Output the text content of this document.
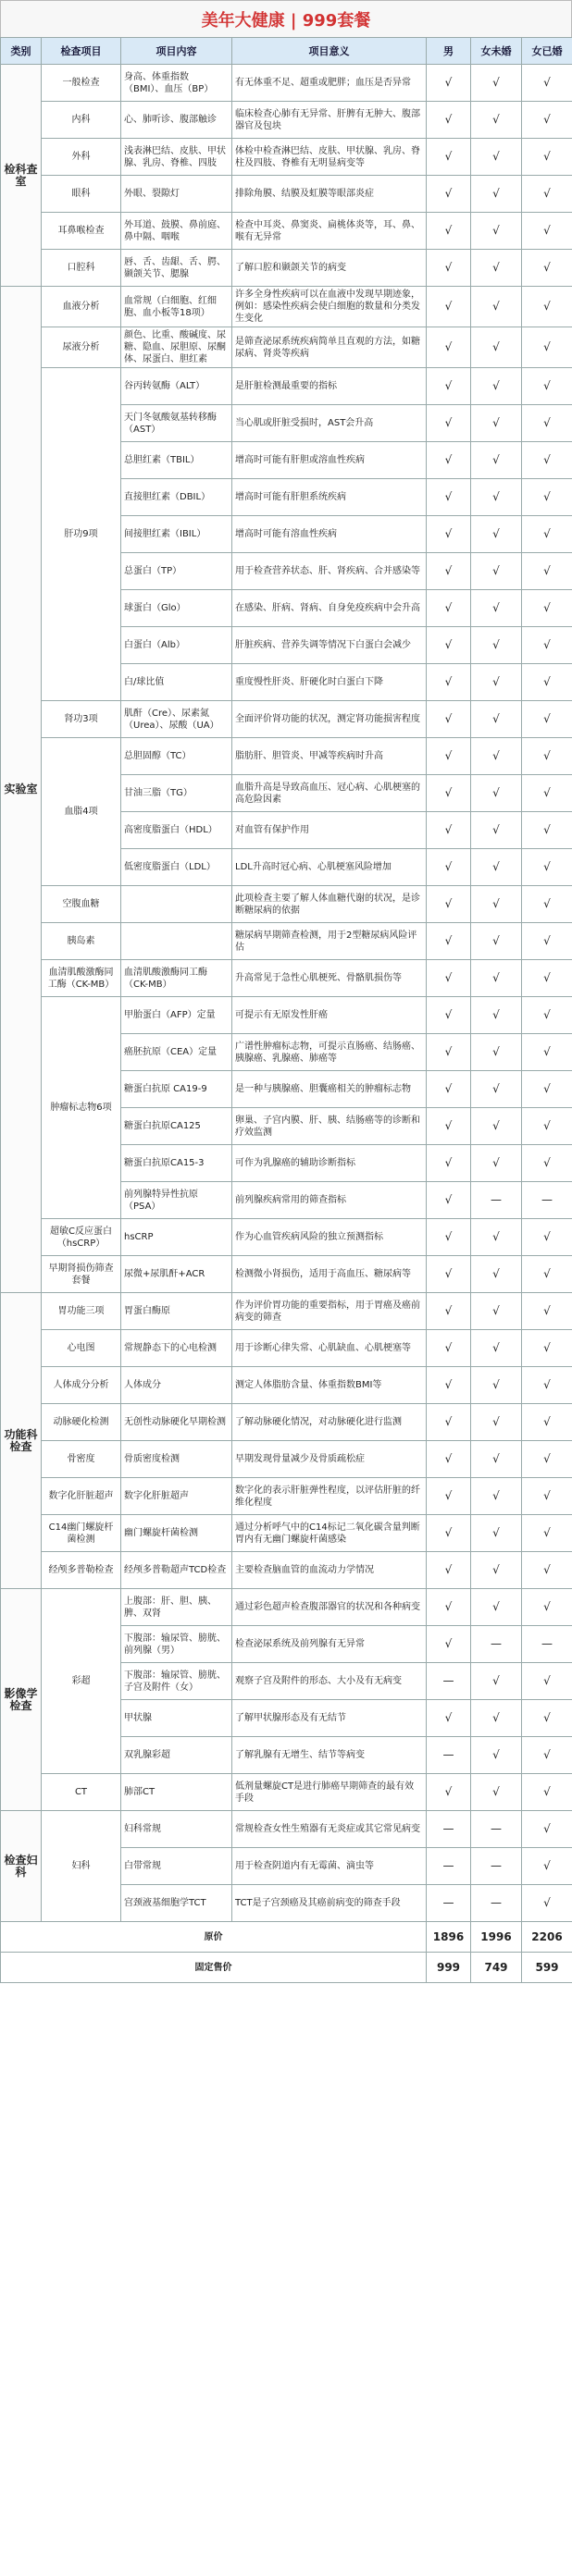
美年大健康 | 999套餐
类别	检查项目	项目内容	项目意义	男	女未婚	女已婚
检科查室	一般检查	身高、体重指数（BMI）、血压（BP）	有无体重不足、超重或肥胖；血压是否异常	√	√	√
	内科	心、肺听诊、腹部触诊	临床检查心肺有无异常、肝脾有无肿大、腹部器官及包块	√	√	√
	外科	浅表淋巴结、皮肤、甲状腺、乳房、脊椎、四肢	体检中检查淋巴结、皮肤、甲状腺、乳房、脊柱及四肢、脊椎有无明显病变等	√	√	√
	眼科	外眼、裂隙灯	排除角膜、结膜及虹膜等眼部炎症	√	√	√
	耳鼻喉检查	外耳道、鼓膜、鼻前庭、鼻中隔、咽喉	检查中耳炎、鼻窦炎、扁桃体炎等，耳、鼻、喉有无异常	√	√	√
	口腔科	唇、舌、齿龈、舌、腭、颞颌关节、腮腺	了解口腔和颞颌关节的病变	√	√	√
实验室	血液分析	血常规（白细胞、红细胞、血小板等18项）	许多全身性疾病可以在血液中发现早期迹象，例如：感染性疾病会使白细胞的数量和分类发生变化	√	√	√
	尿液分析	颜色、比重、酸碱度、尿糖、隐血、尿胆原、尿酮体、尿蛋白、胆红素	是筛查泌尿系统疾病简单且直观的方法，如糖尿病、肾炎等疾病	√	√	√
	肝功9项	谷丙转氨酶（ALT）	是肝脏检测最重要的指标	√	√	√
		天门冬氨酸氨基转移酶（AST）	当心肌或肝脏受损时，AST会升高	√	√	√
		总胆红素（TBIL）	增高时可能有肝胆或溶血性疾病	√	√	√
		直接胆红素（DBIL）	增高时可能有肝胆系统疾病	√	√	√
		间接胆红素（IBIL）	增高时可能有溶血性疾病	√	√	√
		总蛋白（TP）	用于检查营养状态、肝、肾疾病、合并感染等	√	√	√
		球蛋白（Glo）	在感染、肝病、肾病、自身免疫疾病中会升高	√	√	√
		白蛋白（Alb）	肝脏疾病、营养失调等情况下白蛋白会减少	√	√	√
		白/球比值	重度慢性肝炎、肝硬化时白蛋白下降	√	√	√
	肾功3项	肌酐（Cre）、尿素氮（Urea）、尿酸（UA）	全面评价肾功能的状况，测定肾功能损害程度	√	√	√
	血脂4项	总胆固醇（TC）	脂肪肝、胆管炎、甲减等疾病时升高	√	√	√
		甘油三脂（TG）	血脂升高是导致高血压、冠心病、心肌梗塞的高危险因素	√	√	√
		高密度脂蛋白（HDL）	对血管有保护作用	√	√	√
		低密度脂蛋白（LDL）	LDL升高时冠心病、心肌梗塞风险增加	√	√	√
	空腹血糖		此项检查主要了解人体血糖代谢的状况，是诊断糖尿病的依据	√	√	√
	胰岛素		糖尿病早期筛查检测，用于2型糖尿病风险评估	√	√	√
	血清肌酸激酶同工酶（CK-MB）	血清肌酸激酶同工酶（CK-MB）	升高常见于急性心肌梗死、骨骼肌损伤等	√	√	√
	肿瘤标志物6项	甲胎蛋白（AFP）定量	可提示有无原发性肝癌	√	√	√
		癌胚抗原（CEA）定量	广谱性肿瘤标志物，可提示直肠癌、结肠癌、胰腺癌、乳腺癌、肺癌等	√	√	√
		糖蛋白抗原 CA19-9	是一种与胰腺癌、胆囊癌相关的肿瘤标志物	√	√	√
		糖蛋白抗原CA125	卵巢、子宫内膜、肝、胰、结肠癌等的诊断和疗效监测	√	√	√
		糖蛋白抗原CA15-3	可作为乳腺癌的辅助诊断指标	√	√	√
		前列腺特异性抗原（PSA）	前列腺疾病常用的筛查指标	√	—	—
	超敏C反应蛋白（hsCRP）	hsCRP	作为心血管疾病风险的独立预测指标	√	√	√
	早期肾损伤筛查套餐	尿微+尿肌酐+ACR	检测微小肾损伤，适用于高血压、糖尿病等	√	√	√
功能科检查	胃功能三项	胃蛋白酶原	作为评价胃功能的重要指标，用于胃癌及癌前病变的筛查	√	√	√
	心电图	常规静态下的心电检测	用于诊断心律失常、心肌缺血、心肌梗塞等	√	√	√
	人体成分分析	人体成分	测定人体脂肪含量、体重指数BMI等	√	√	√
	动脉硬化检测	无创性动脉硬化早期检测	了解动脉硬化情况，对动脉硬化进行监测	√	√	√
	骨密度	骨质密度检测	早期发现骨量减少及骨质疏松症	√	√	√
	数字化肝脏超声	数字化肝脏超声	数字化的表示肝脏弹性程度，以评估肝脏的纤维化程度	√	√	√
	C14幽门螺旋杆菌检测	幽门螺旋杆菌检测	通过分析呼气中的C14标记二氧化碳含量判断胃内有无幽门螺旋杆菌感染	√	√	√
	经颅多普勒检查	经颅多普勒超声TCD检查	主要检查脑血管的血流动力学情况	√	√	√
影像学检查	彩超	上腹部：肝、胆、胰、脾、双肾	通过彩色超声检查腹部器官的状况和各种病变	√	√	√
		下腹部：输尿管、膀胱、前列腺（男）	检查泌尿系统及前列腺有无异常	√	—	—
		下腹部：输尿管、膀胱、子宫及附件（女）	观察子宫及附件的形态、大小及有无病变	—	√	√
		甲状腺	了解甲状腺形态及有无结节	√	√	√
		双乳腺彩超	了解乳腺有无增生、结节等病变	—	√	√
	CT	肺部CT	低剂量螺旋CT是进行肺癌早期筛查的最有效手段	√	√	√
检查妇科	妇科	妇科常规	常规检查女性生殖器有无炎症或其它常见病变	—	—	√
		白带常规	用于检查阴道内有无霉菌、滴虫等	—	—	√
		宫颈液基细胞学TCT	TCT是子宫颈癌及其癌前病变的筛查手段	—	—	√
原价				1896	1996	2206
固定售价				999	749	599
